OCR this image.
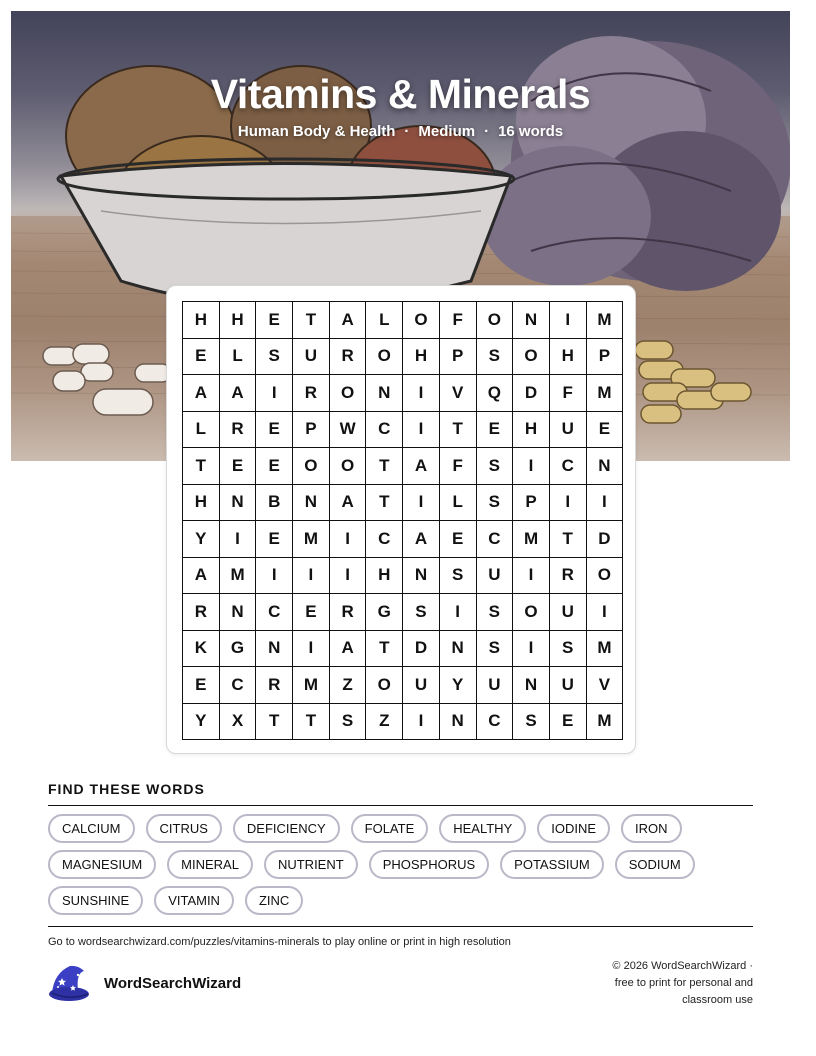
Vitamins & Minerals
Human Body & Health · Medium · 16 words
H	H	E	T	A	L	O	F	O	N	I	M
E	L	S	U	R	O	H	P	S	O	H	P
A	A	I	R	O	N	I	V	Q	D	F	M
L	R	E	P	W	C	I	T	E	H	U	E
T	E	E	O	O	T	A	F	S	I	C	N
H	N	B	N	A	T	I	L	S	P	I	I
Y	I	E	M	I	C	A	E	C	M	T	D
A	M	I	I	I	H	N	S	U	I	R	O
R	N	C	E	R	G	S	I	S	O	U	I
K	G	N	I	A	T	D	N	S	I	S	M
E	C	R	M	Z	O	U	Y	U	N	U	V
Y	X	T	T	S	Z	I	N	C	S	E	M
FIND THESE WORDS
CALCIUM	CITRUS	DEFICIENCY	FOLATE	HEALTHY	IODINE	IRON
MAGNESIUM	MINERAL	NUTRIENT	PHOSPHORUS	POTASSIUM	SODIUM
SUNSHINE	VITAMIN	ZINC
Go to wordsearchwizard.com/puzzles/vitamins-minerals to play online or print in high resolution
WordSearchWizard
© 2026 WordSearchWizard ·
free to print for personal and
classroom use
